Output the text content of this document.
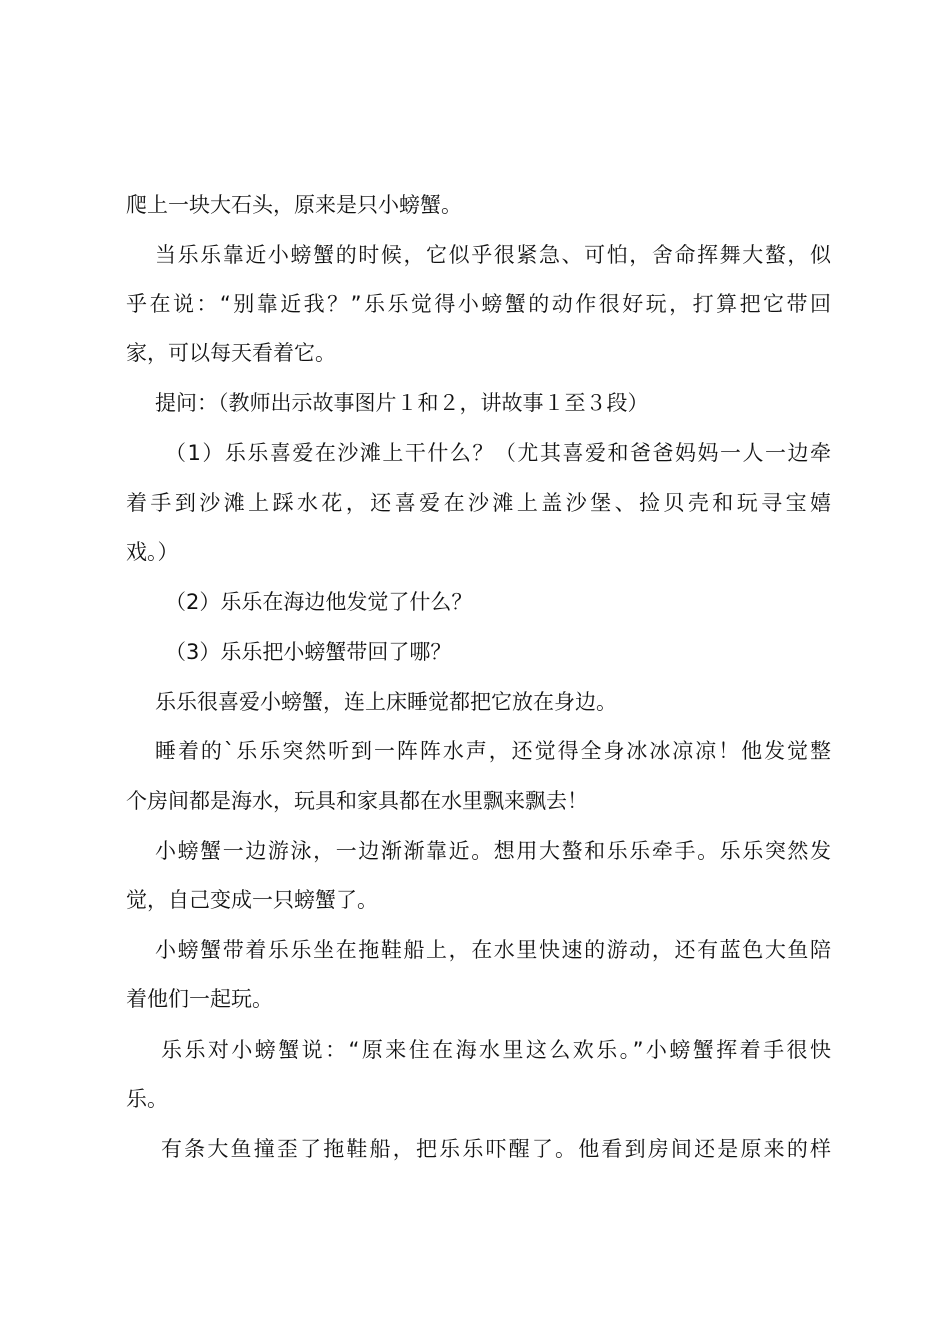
爬上一块大石头，原来是只小螃蟹。
当乐乐靠近小螃蟹的时候，它似乎很紧急、可怕，舍命挥舞大螯，似
乎在说：“别靠近我？”乐乐觉得小螃蟹的动作很好玩，打算把它带回
家，可以每天看着它。
提问：（教师出示故事图片１和２，讲故事１至３段）
（1）乐乐喜爱在沙滩上干什么？（尤其喜爱和爸爸妈妈一人一边牵
着手到沙滩上踩水花，还喜爱在沙滩上盖沙堡、捡贝壳和玩寻宝嬉
戏。）
（2）乐乐在海边他发觉了什么？
（3）乐乐把小螃蟹带回了哪？
乐乐很喜爱小螃蟹，连上床睡觉都把它放在身边。
睡着的`乐乐突然听到一阵阵水声，还觉得全身冰冰凉凉！他发觉整
个房间都是海水，玩具和家具都在水里飘来飘去！
小螃蟹一边游泳，一边渐渐靠近。想用大螯和乐乐牵手。乐乐突然发
觉，自己变成一只螃蟹了。
小螃蟹带着乐乐坐在拖鞋船上，在水里快速的游动，还有蓝色大鱼陪
着他们一起玩。
乐乐对小螃蟹说：“原来住在海水里这么欢乐。”小螃蟹挥着手很快
乐。
有条大鱼撞歪了拖鞋船，把乐乐吓醒了。他看到房间还是原来的样
